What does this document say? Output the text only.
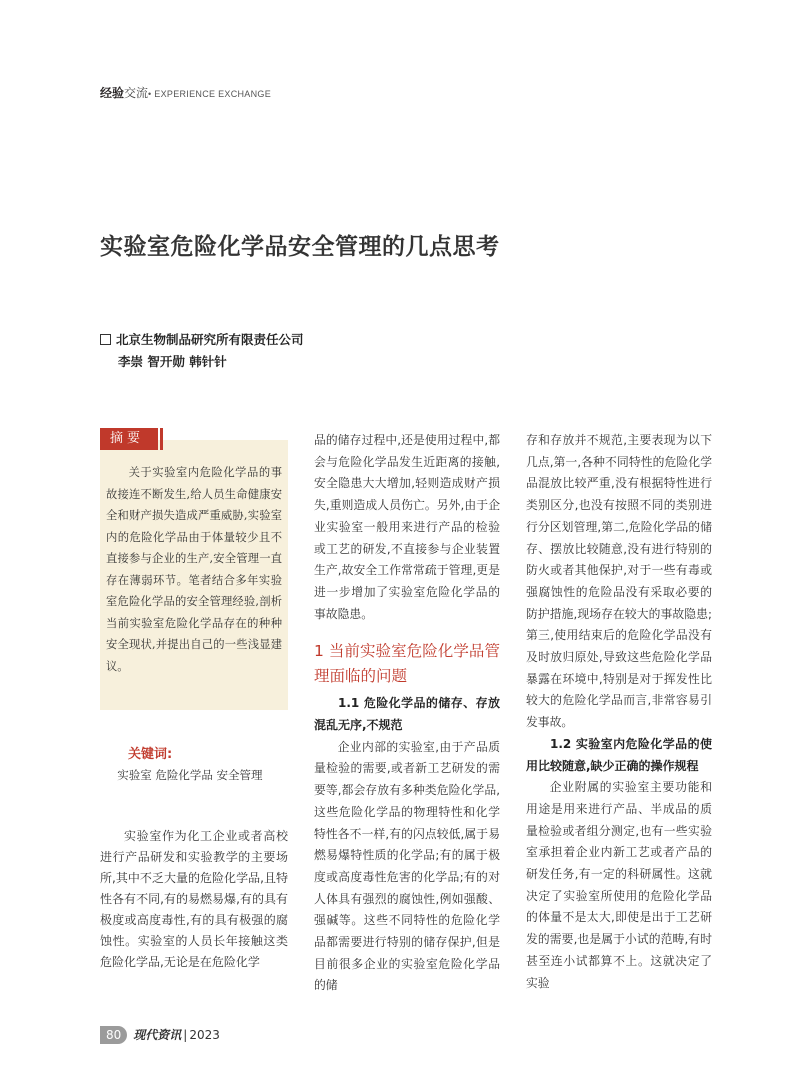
经验交流• EXPERIENCE EXCHANGE
实验室危险化学品安全管理的几点思考
北京生物制品研究所有限责任公司
李崇 智开勋 韩针针
摘要
关于实验室内危险化学品的事故接连不断发生,给人员生命健康安全和财产损失造成严重威胁,实验室内的危险化学品由于体量较少且不直接参与企业的生产,安全管理一直存在薄弱环节。笔者结合多年实验室危险化学品的安全管理经验,剖析当前实验室危险化学品存在的种种安全现状,并提出自己的一些浅显建议。
关键词:
实验室 危险化学品 安全管理
实验室作为化工企业或者高校进行产品研发和实验教学的主要场所,其中不乏大量的危险化学品,且特性各有不同,有的易燃易爆,有的具有极度或高度毒性,有的具有极强的腐蚀性。实验室的人员长年接触这类危险化学品,无论是在危险化学
品的储存过程中,还是使用过程中,都会与危险化学品发生近距离的接触,安全隐患大大增加,轻则造成财产损失,重则造成人员伤亡。另外,由于企业实验室一般用来进行产品的检验或工艺的研发,不直接参与企业装置生产,故安全工作常常疏于管理,更是进一步增加了实验室危险化学品的事故隐患。
1 当前实验室危险化学品管理面临的问题
1.1 危险化学品的储存、存放混乱无序,不规范
企业内部的实验室,由于产品质量检验的需要,或者新工艺研发的需要等,都会存放有多种类危险化学品,这些危险化学品的物理特性和化学特性各不一样,有的闪点较低,属于易燃易爆特性质的化学品;有的属于极度或高度毒性危害的化学品;有的对人体具有强烈的腐蚀性,例如强酸、强碱等。这些不同特性的危险化学品都需要进行特别的储存保护,但是目前很多企业的实验室危险化学品的储
存和存放并不规范,主要表现为以下几点,第一,各种不同特性的危险化学品混放比较严重,没有根据特性进行类别区分,也没有按照不同的类别进行分区划管理,第二,危险化学品的储存、摆放比较随意,没有进行特别的防火或者其他保护,对于一些有毒或强腐蚀性的危险品没有采取必要的防护措施,现场存在较大的事故隐患;第三,使用结束后的危险化学品没有及时放归原处,导致这些危险化学品暴露在环境中,特别是对于挥发性比较大的危险化学品而言,非常容易引发事故。
1.2 实验室内危险化学品的使用比较随意,缺少正确的操作规程
企业附属的实验室主要功能和用途是用来进行产品、半成品的质量检验或者组分测定,也有一些实验室承担着企业内新工艺或者产品的研发任务,有一定的科研属性。这就决定了实验室所使用的危险化学品的体量不是太大,即使是出于工艺研发的需要,也是属于小试的范畴,有时甚至连小试都算不上。这就决定了实验
80 现代资讯 | 2023
